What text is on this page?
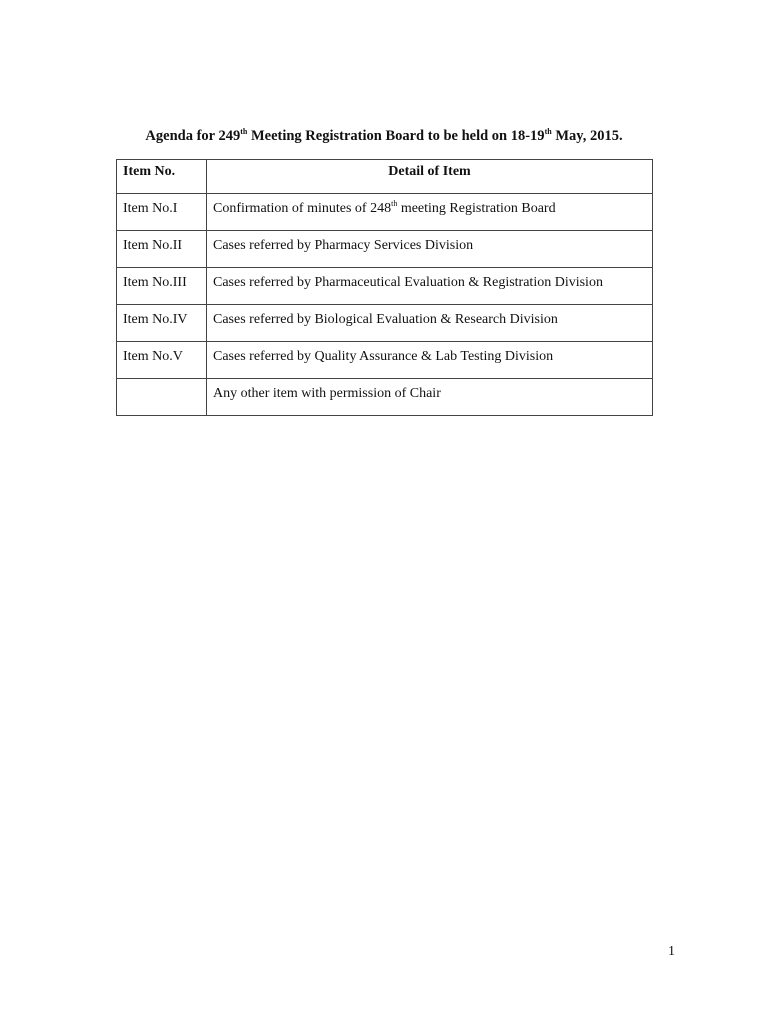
Agenda for 249th Meeting Registration Board to be held on 18-19th May, 2015.
Item No.	Detail of Item
Item No.I	Confirmation of minutes of 248th meeting Registration Board
Item No.II	Cases referred by Pharmacy Services Division
Item No.III	Cases referred by Pharmaceutical Evaluation & Registration Division
Item No.IV	Cases referred by Biological Evaluation & Research Division
Item No.V	Cases referred by Quality Assurance & Lab Testing Division
	Any other item with permission of Chair
1
